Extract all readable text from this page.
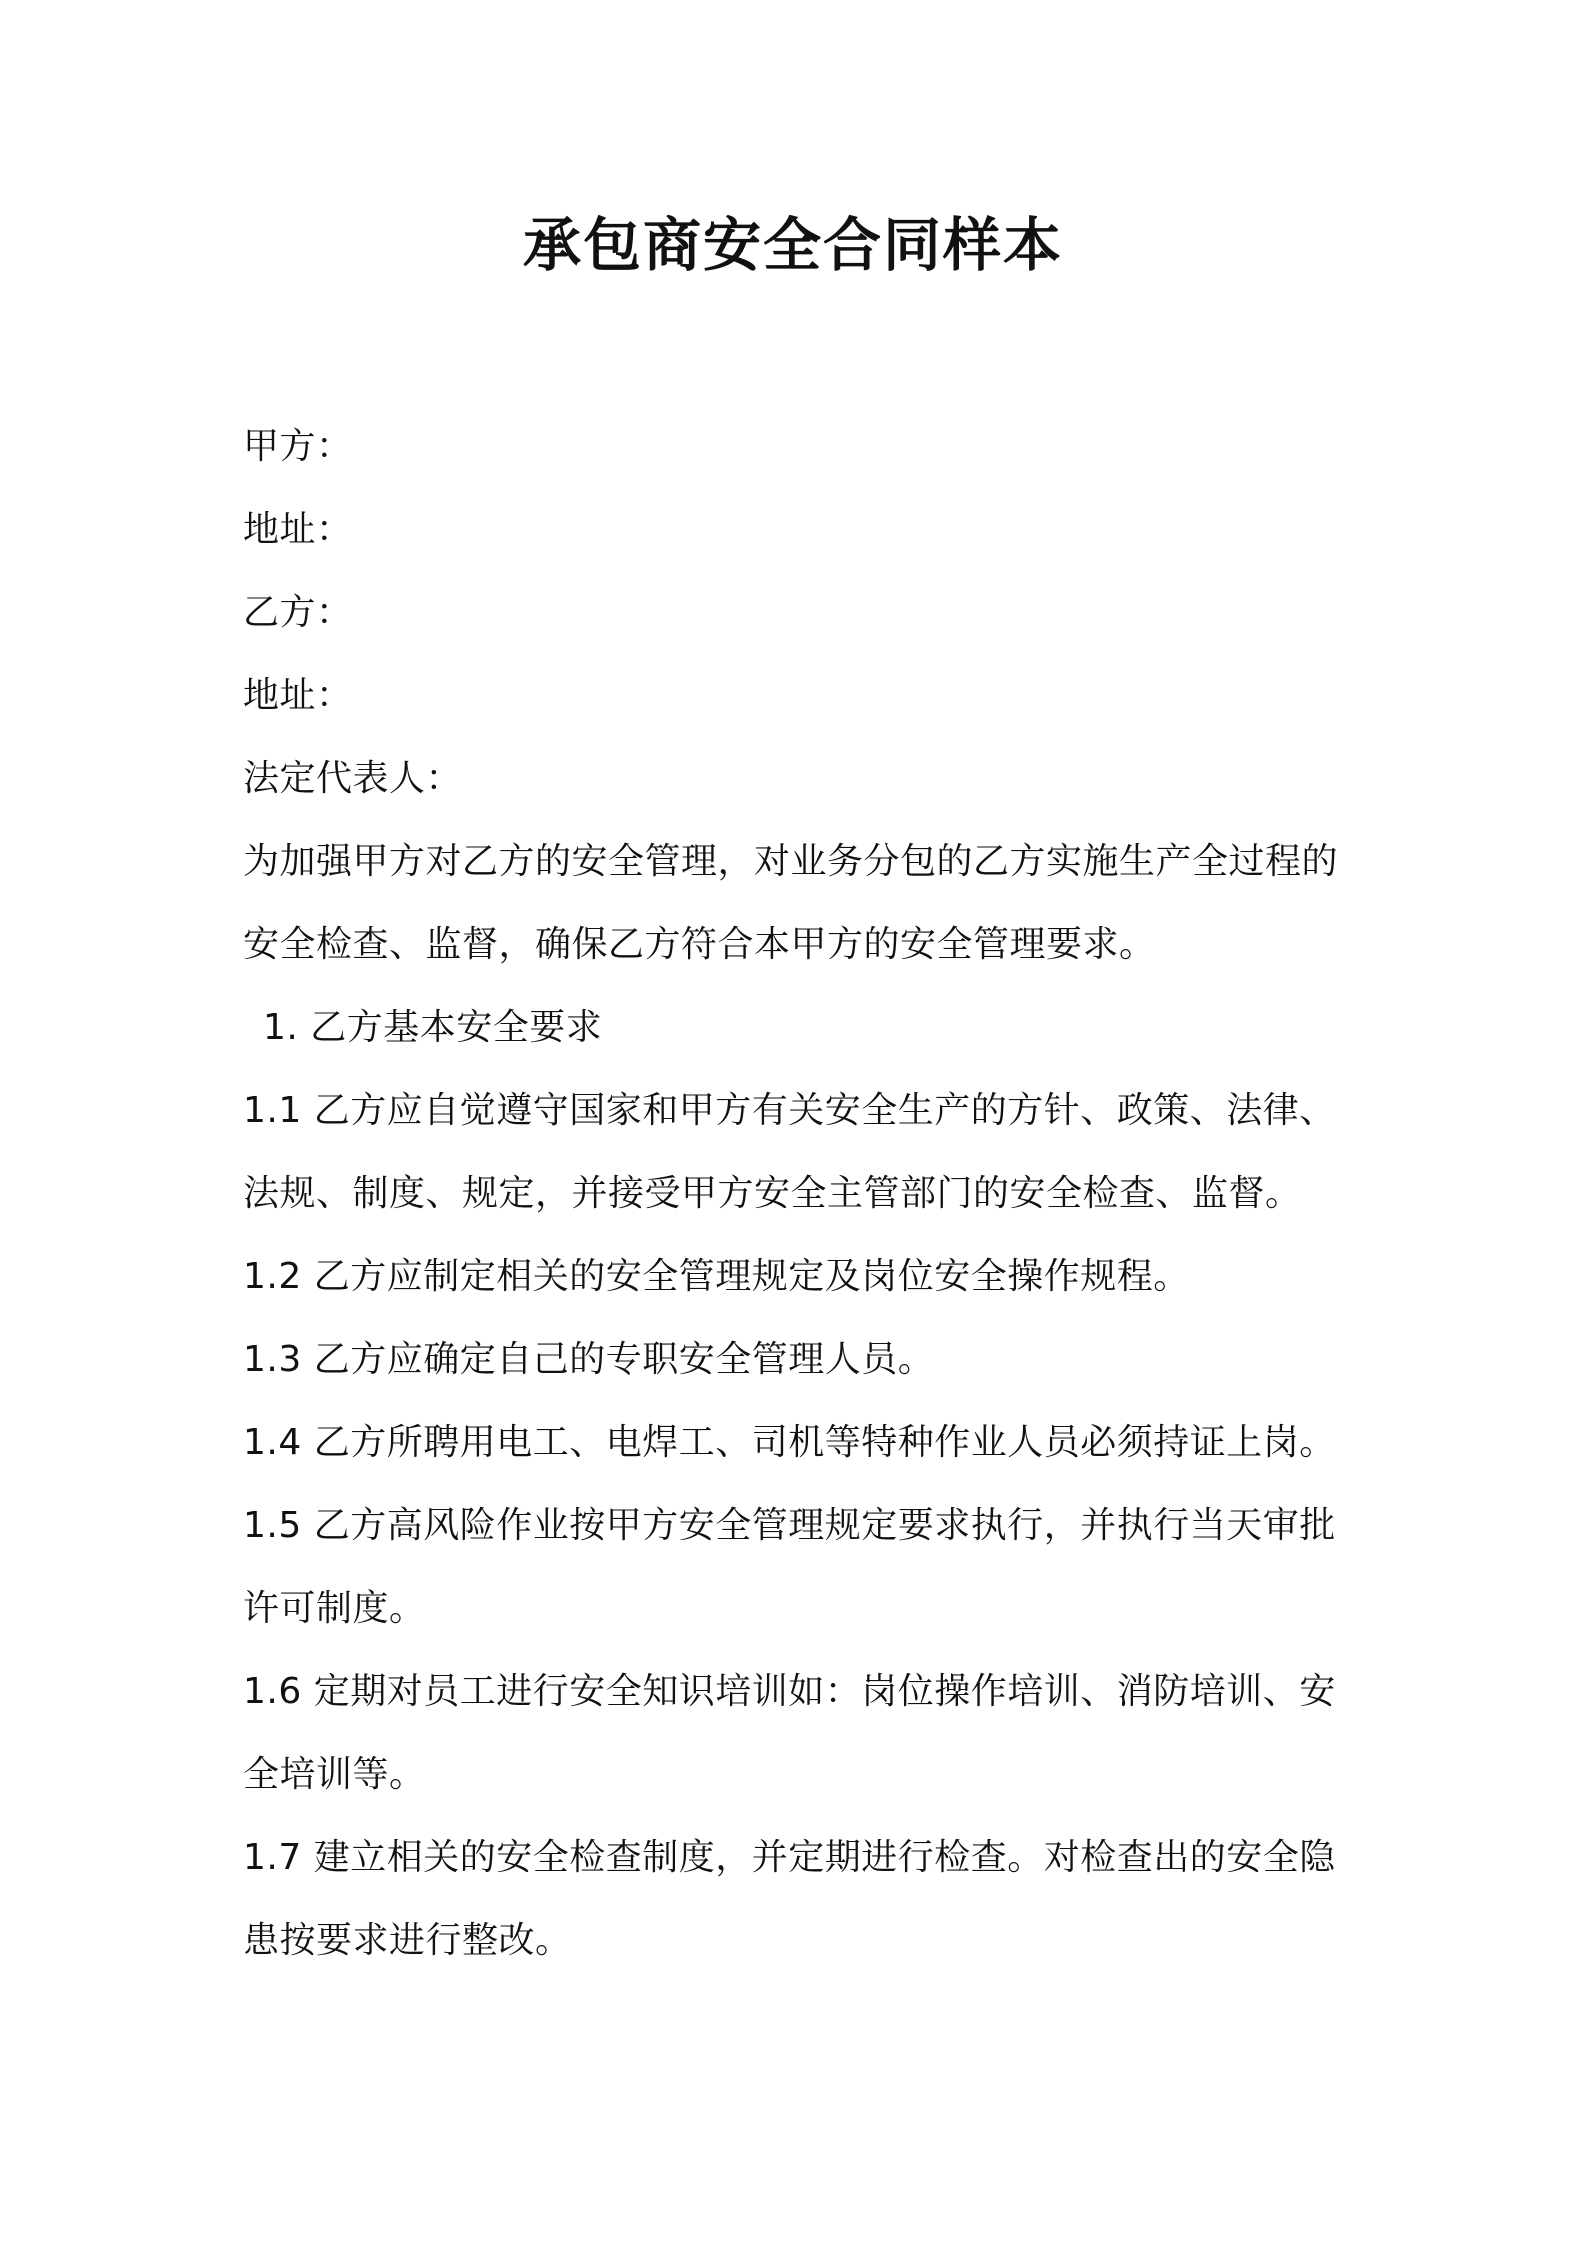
承包商安全合同样本
甲方：
地址：
乙方：
地址：
法定代表人：
为加强甲方对乙方的安全管理，对业务分包的乙方实施生产全过程的
安全检查、监督，确保乙方符合本甲方的安全管理要求。
1. 乙方基本安全要求
1.1 乙方应自觉遵守国家和甲方有关安全生产的方针、政策、法律、
法规、制度、规定，并接受甲方安全主管部门的安全检查、监督。
1.2 乙方应制定相关的安全管理规定及岗位安全操作规程。
1.3 乙方应确定自己的专职安全管理人员。
1.4 乙方所聘用电工、电焊工、司机等特种作业人员必须持证上岗。
1.5 乙方高风险作业按甲方安全管理规定要求执行，并执行当天审批
许可制度。
1.6 定期对员工进行安全知识培训如：岗位操作培训、消防培训、安
全培训等。
1.7 建立相关的安全检查制度，并定期进行检查。对检查出的安全隐
患按要求进行整改。
